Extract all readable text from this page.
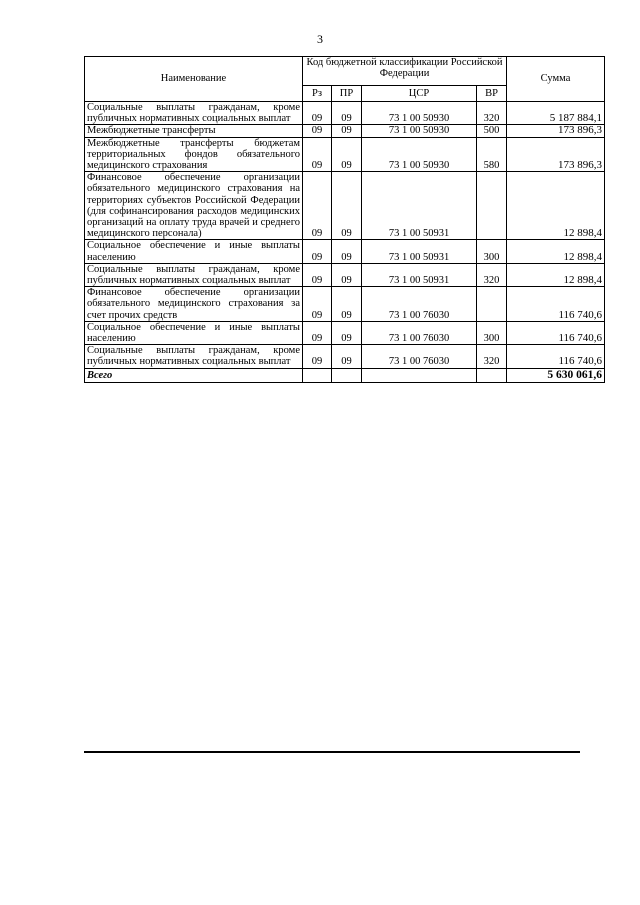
3
Наименование	Код бюджетной классификации Российской Федерации				Сумма
	Рз	ПР	ЦСР	ВР	
Социальные выплаты гражданам, кроме публичных нормативных социальных выплат	09	09	73 1 00 50930	320	5 187 884,1
Межбюджетные трансферты	09	09	73 1 00 50930	500	173 896,3
Межбюджетные трансферты бюджетам территориальных фондов обязательного медицинского страхования	09	09	73 1 00 50930	580	173 896,3
Финансовое обеспечение организации обязательного медицинского страхования на территориях субъектов Российской Федерации (для софинансирования расходов медицинских организаций на оплату труда врачей и среднего медицинского персонала)	09	09	73 1 00 50931		12 898,4
Социальное обеспечение и иные выплаты населению	09	09	73 1 00 50931	300	12 898,4
Социальные выплаты гражданам, кроме публичных нормативных социальных выплат	09	09	73 1 00 50931	320	12 898,4
Финансовое обеспечение организации обязательного медицинского страхования за счет прочих средств	09	09	73 1 00 76030		116 740,6
Социальное обеспечение и иные выплаты населению	09	09	73 1 00 76030	300	116 740,6
Социальные выплаты гражданам, кроме публичных нормативных социальных выплат	09	09	73 1 00 76030	320	116 740,6
Всего					5 630 061,6
